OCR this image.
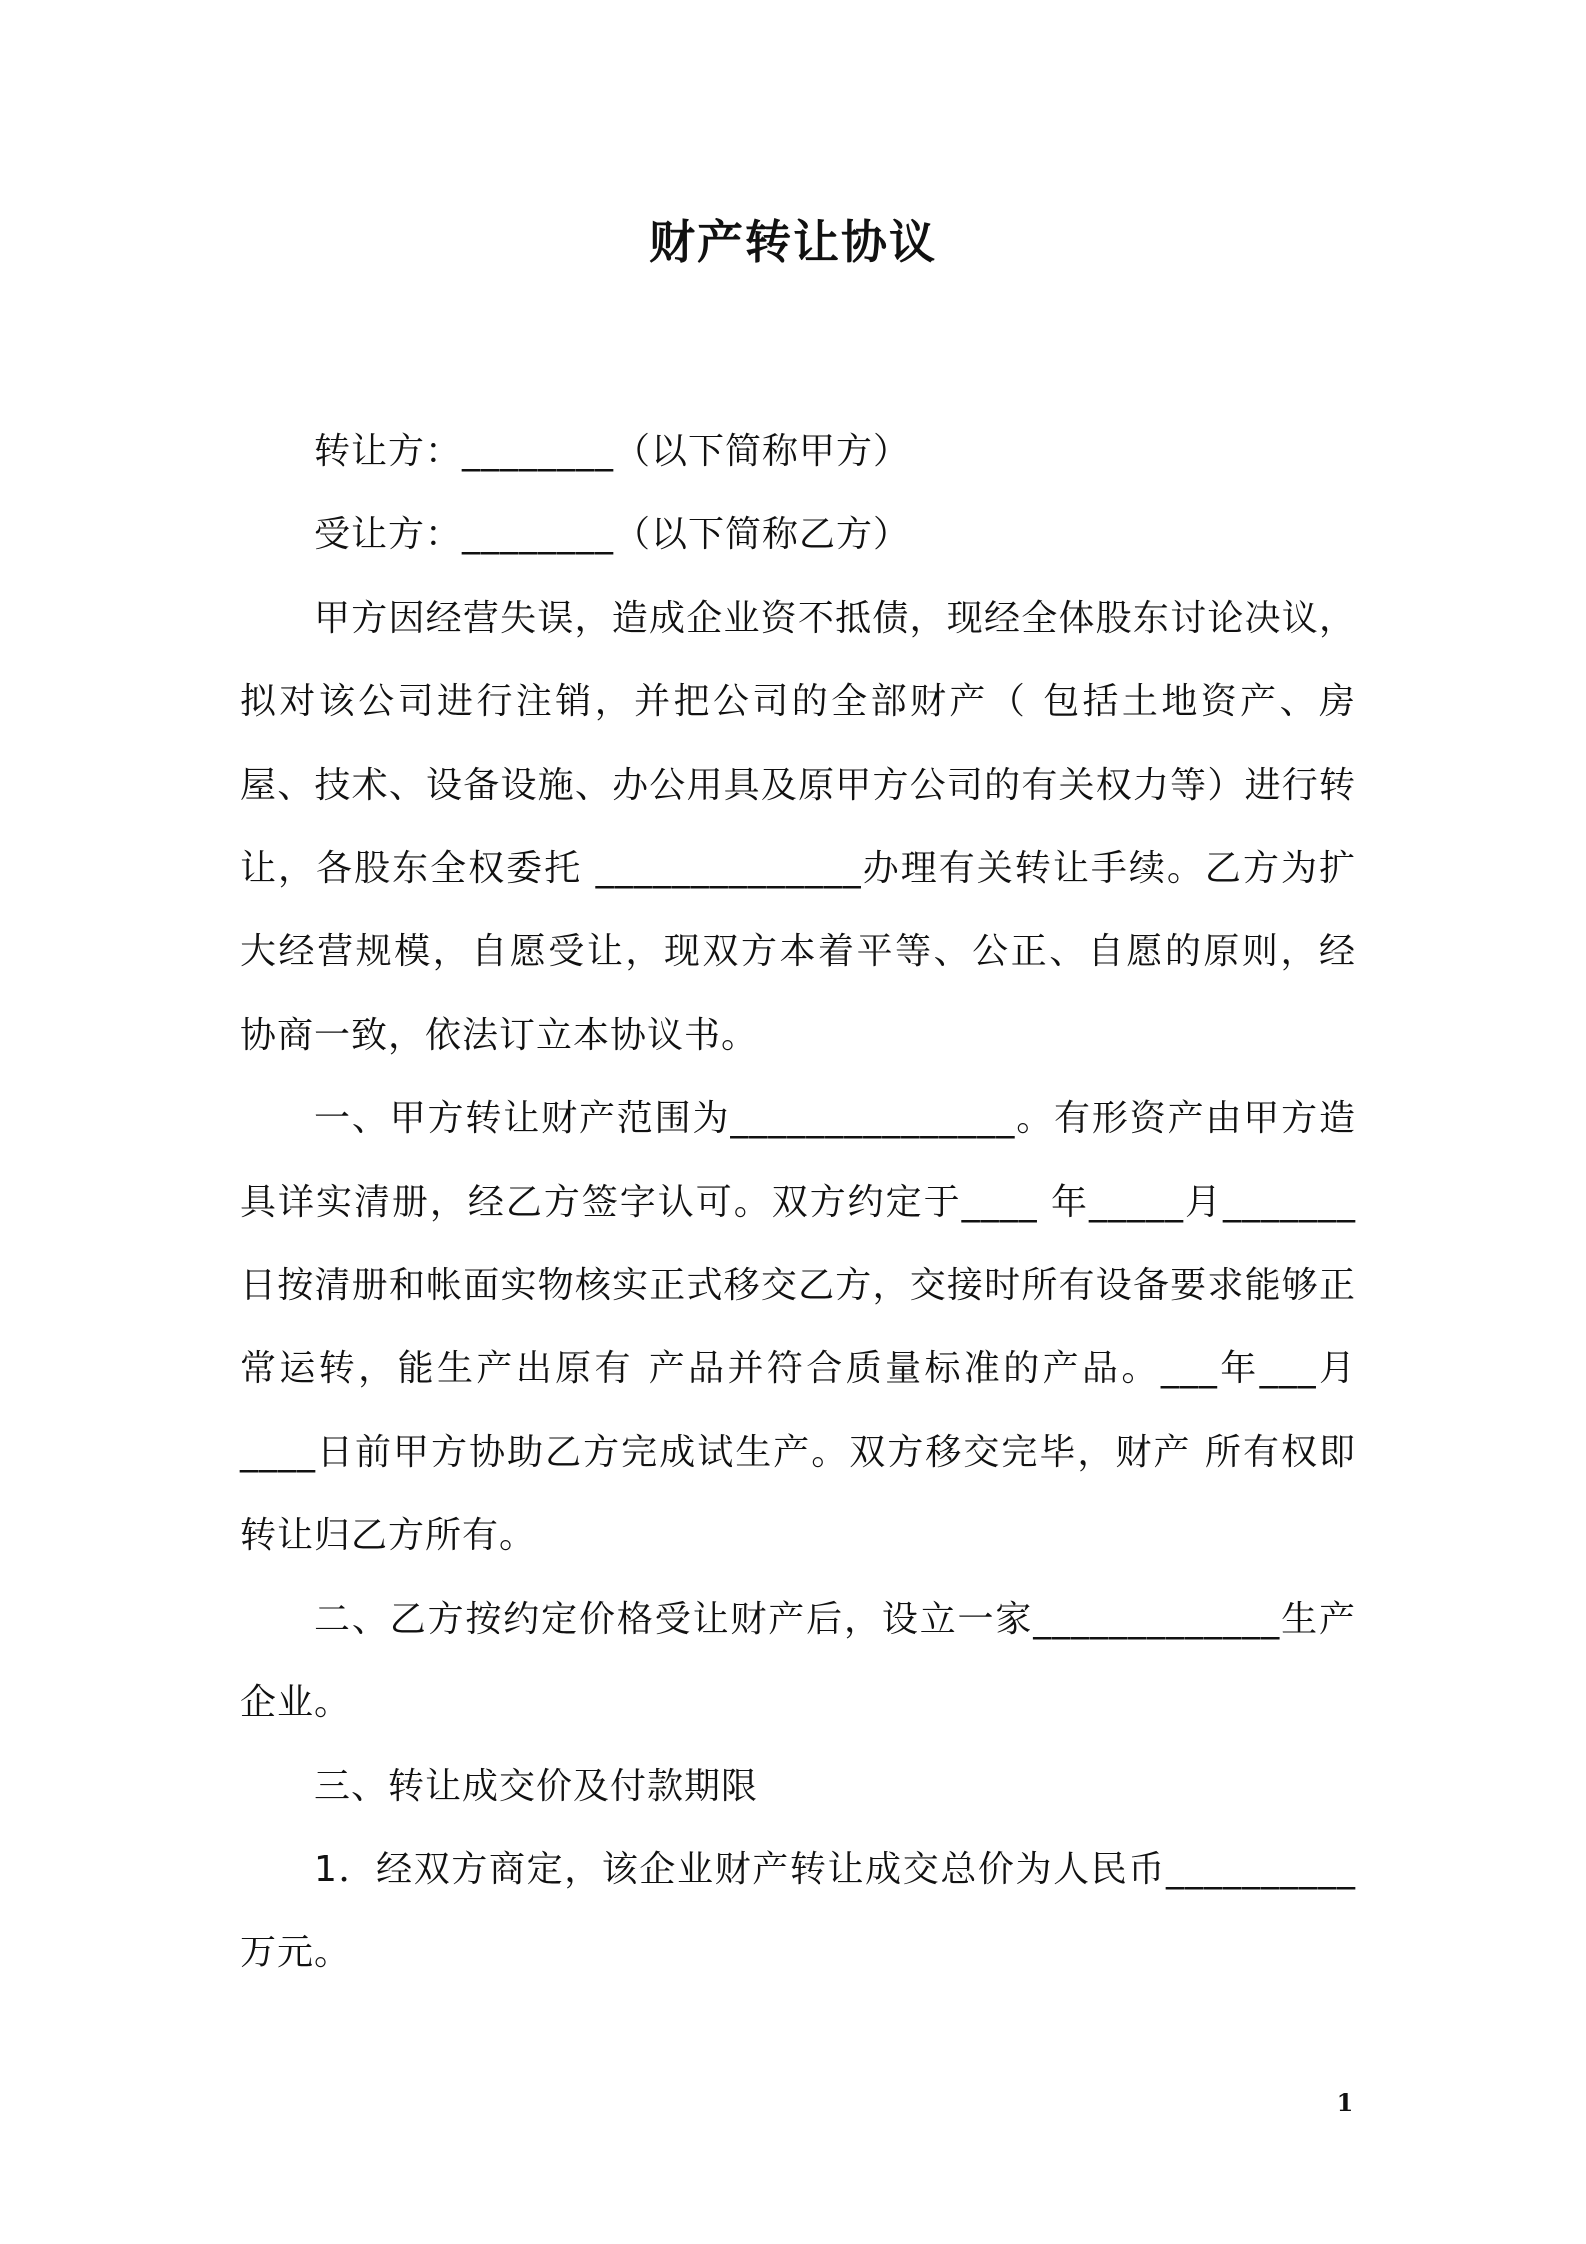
财产转让协议

转让方：________（以下简称甲方）

受让方：________（以下简称乙方）

甲方因经营失误，造成企业资不抵债，现经全体股东讨论决议，拟对该公司进行注销，并把公司的全部财产（ 包括土地资产、房屋、技术、设备设施、办公用具及原甲方公司的有关权力等）进行转让，各股东全权委托 ______________办理有关转让手续。乙方为扩大经营规模，自愿受让，现双方本着平等、公正、自愿的原则，经 协商一致，依法订立本协议书。

一、甲方转让财产范围为_______________。有形资产由甲方造具详实清册，经乙方签字认可。双方约定于____ 年_____月_______日按清册和帐面实物核实正式移交乙方，交接时所有设备要求能够正常运转，能生产出原有 产品并符合质量标准的产品。___年___月____日前甲方协助乙方完成试生产。双方移交完毕，财产 所有权即转让归乙方所有。

二、乙方按约定价格受让财产后，设立一家_____________生产企业。

三、转让成交价及付款期限

1．经双方商定，该企业财产转让成交总价为人民币__________万元。

1
